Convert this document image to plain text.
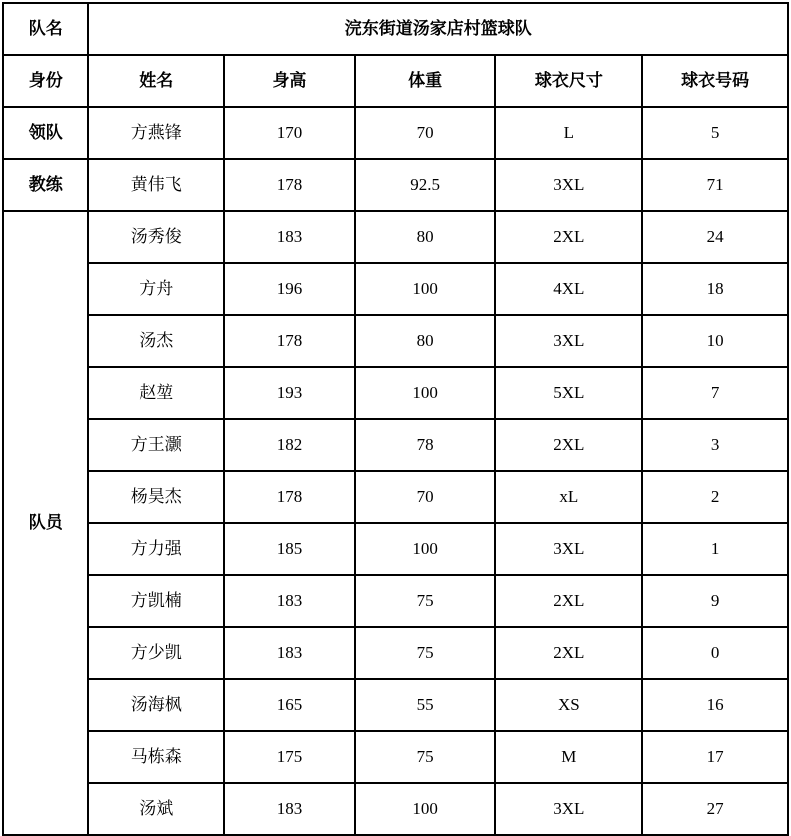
队名	浣东街道汤家店村篮球队				
身份	姓名	身高	体重	球衣尺寸	球衣号码
领队	方燕锋	170	70	L	5
教练	黄伟飞	178	92.5	3XL	71
队员	汤秀俊	183	80	2XL	24
	方舟	196	100	4XL	18
	汤杰	178	80	3XL	10
	赵堃	193	100	5XL	7
	方王灏	182	78	2XL	3
	杨昊杰	178	70	xL	2
	方力强	185	100	3XL	1
	方凯楠	183	75	2XL	9
	方少凯	183	75	2XL	0
	汤海枫	165	55	XS	16
	马栋森	175	75	M	17
	汤斌	183	100	3XL	27
